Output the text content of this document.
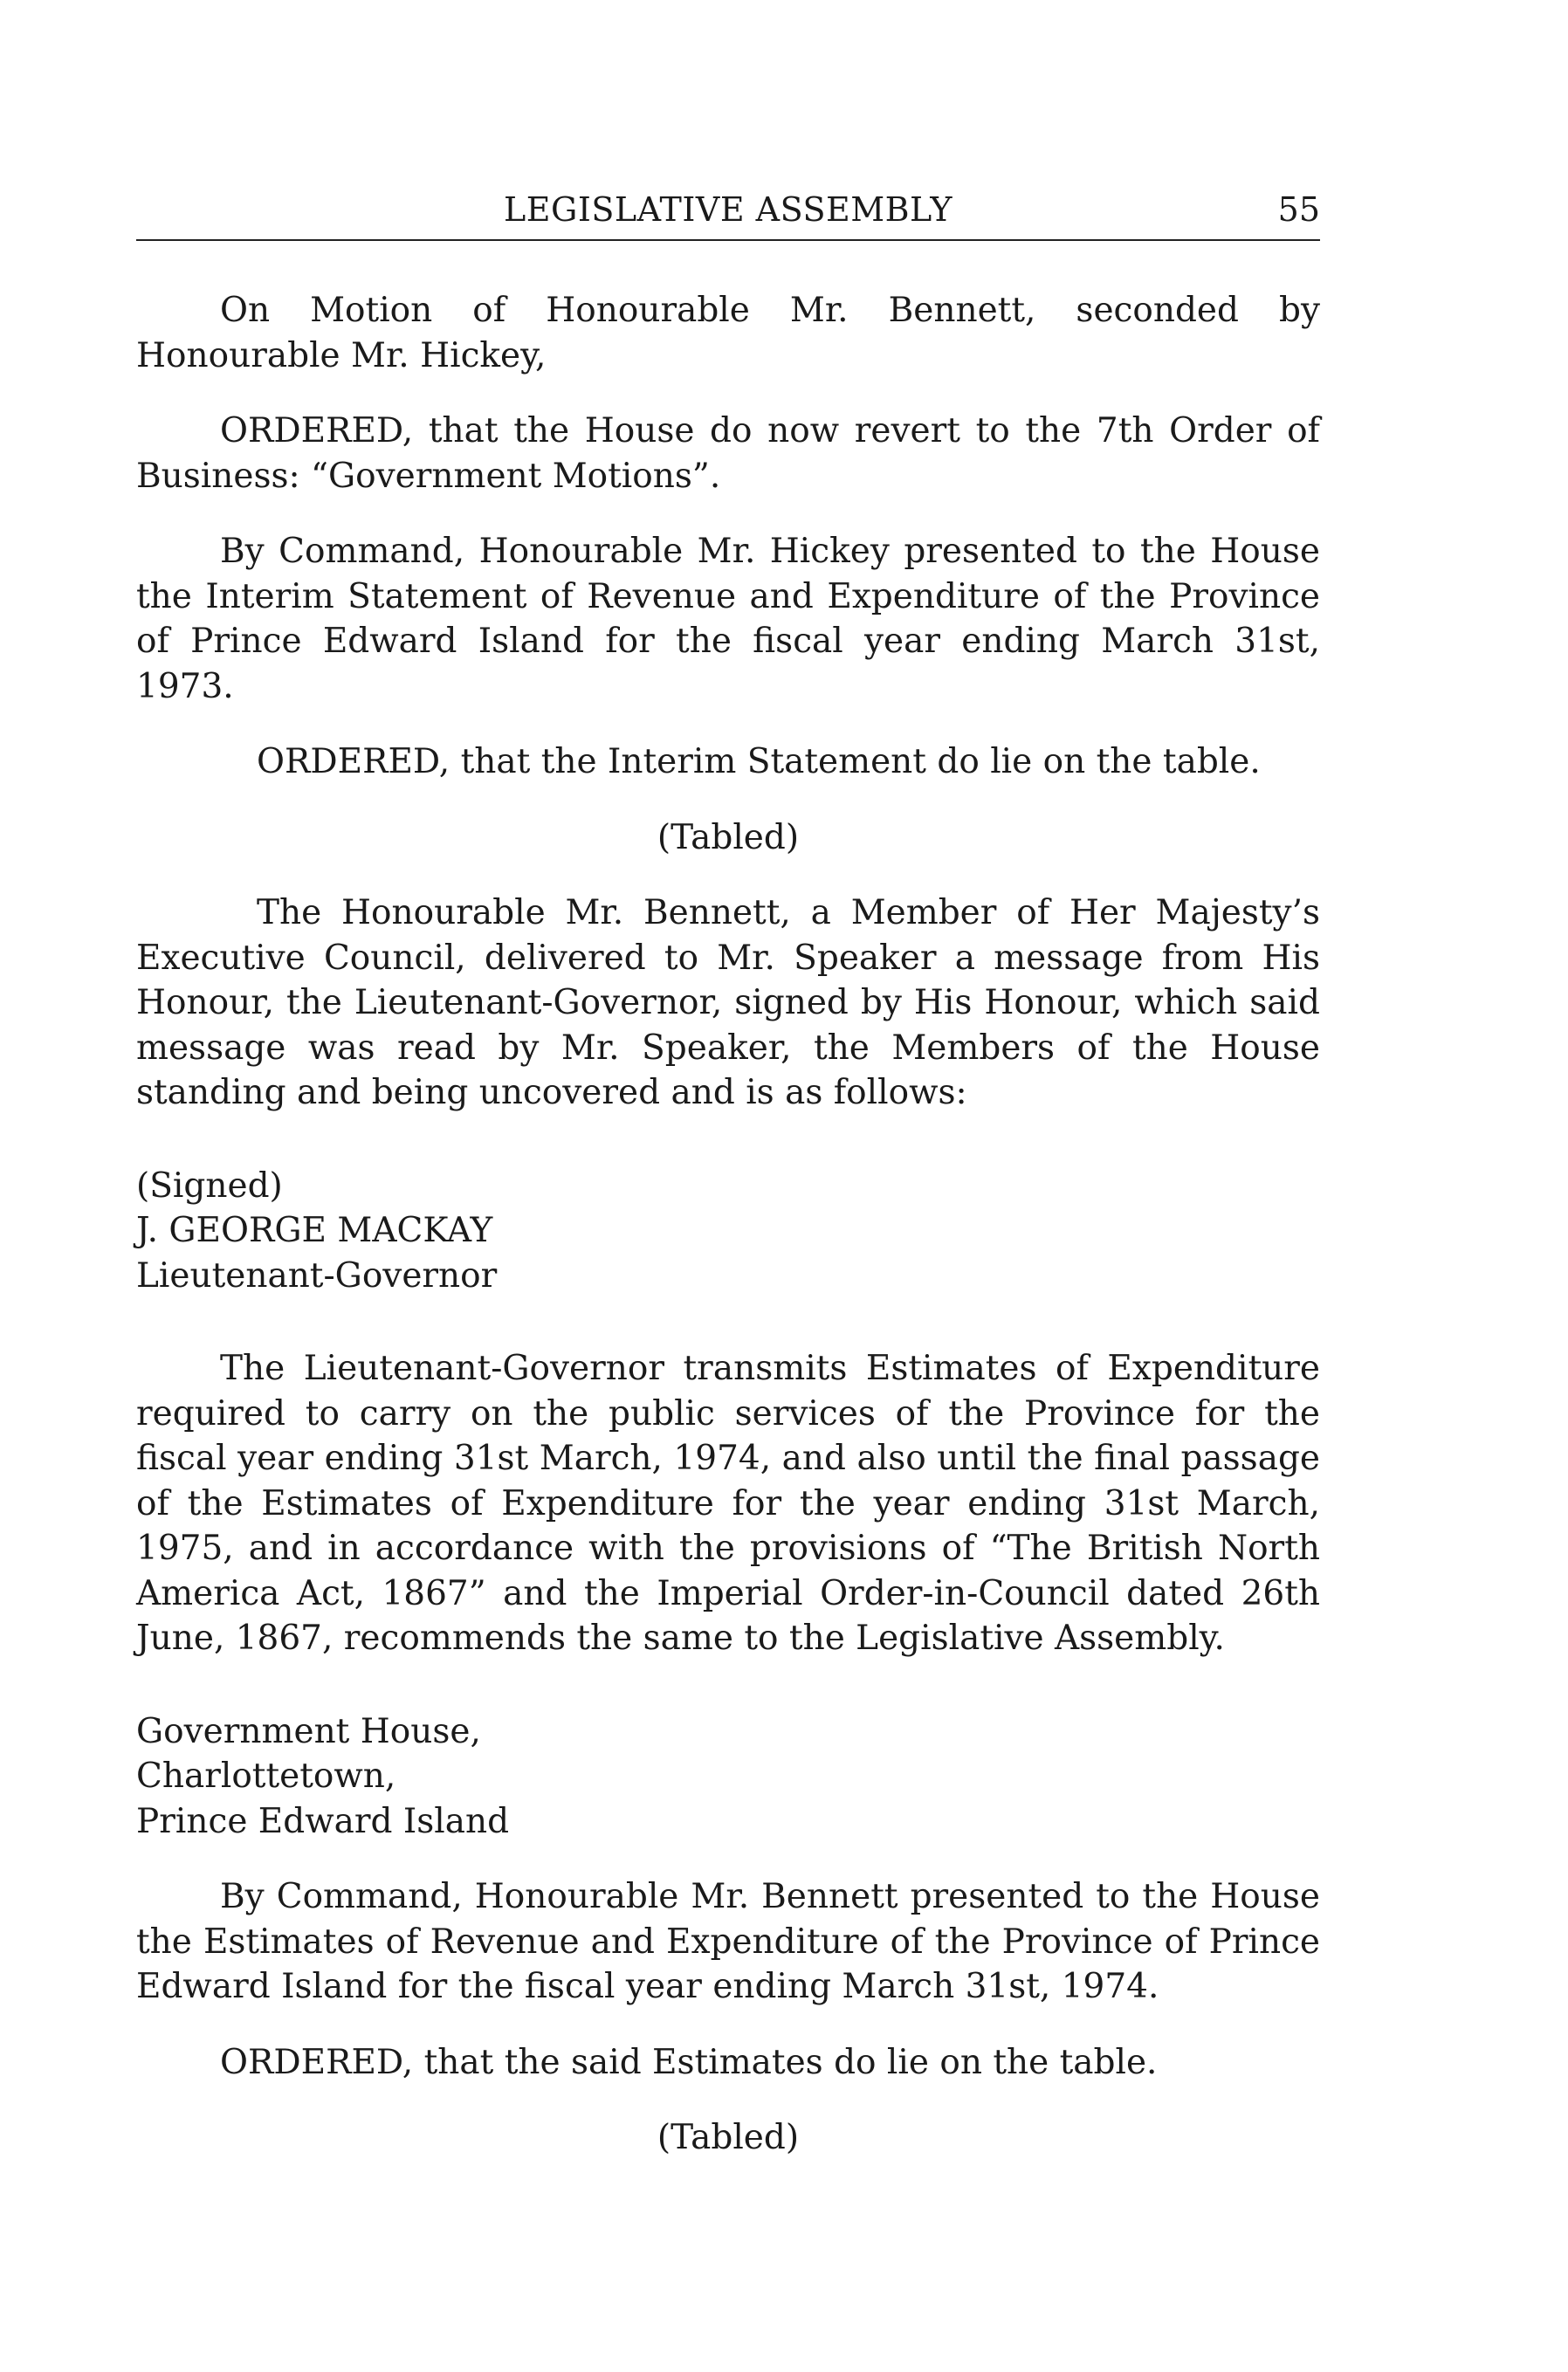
LEGISLATIVE ASSEMBLY	55

On Motion of Honourable Mr. Bennett, seconded by Honourable Mr. Hickey,

ORDERED, that the House do now revert to the 7th Order of Business: “Government Motions”.

By Command, Honourable Mr. Hickey presented to the House the Interim Statement of Revenue and Expenditure of the Province of Prince Edward Island for the fiscal year ending March 31st, 1973.

ORDERED, that the Interim Statement do lie on the table.

(Tabled)

The Honourable Mr. Bennett, a Member of Her Majesty’s Executive Council, delivered to Mr. Speaker a message from His Honour, the Lieutenant-Governor, signed by His Honour, which said message was read by Mr. Speaker, the Members of the House standing and being uncovered and is as follows:

(Signed)
J. GEORGE MACKAY
Lieutenant-Governor

The Lieutenant-Governor transmits Estimates of Expenditure required to carry on the public services of the Province for the fiscal year ending 31st March, 1974, and also until the final passage of the Estimates of Expenditure for the year ending 31st March, 1975, and in accordance with the provisions of “The British North America Act, 1867” and the Imperial Order-in-Council dated 26th June, 1867, recommends the same to the Legislative Assembly.

Government House,
Charlottetown,
Prince Edward Island

By Command, Honourable Mr. Bennett presented to the House the Estimates of Revenue and Expenditure of the Province of Prince Edward Island for the fiscal year ending March 31st, 1974.

ORDERED, that the said Estimates do lie on the table.

(Tabled)
